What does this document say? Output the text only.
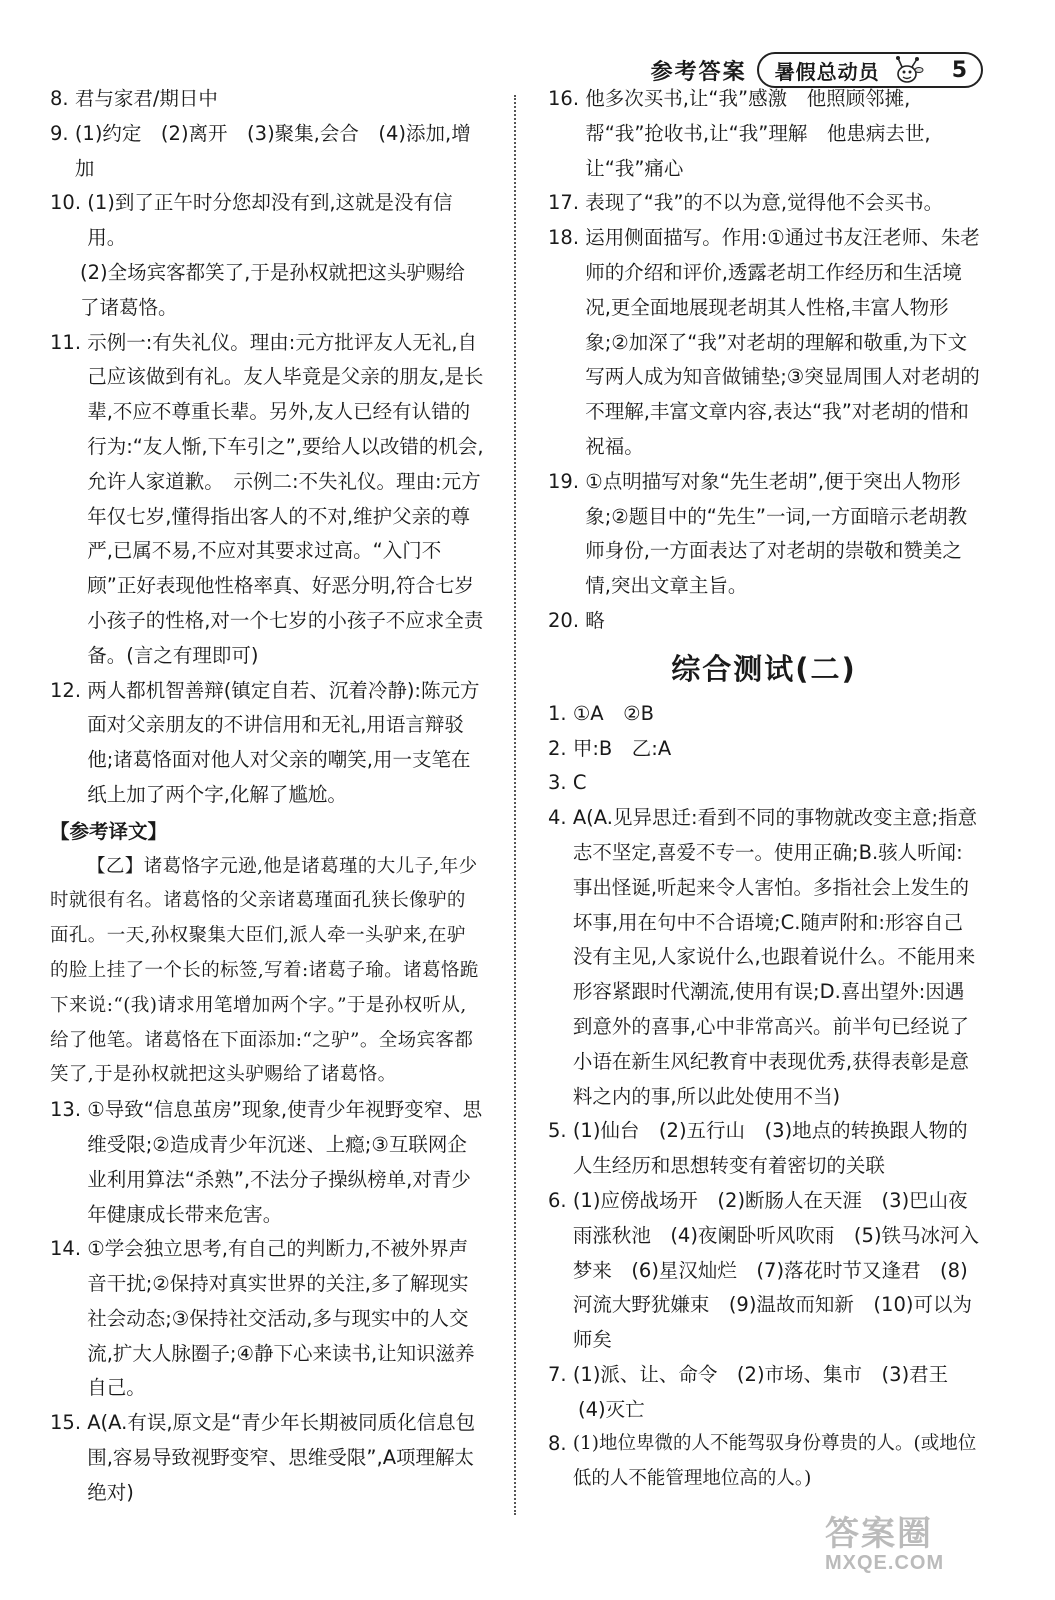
参考答案 暑假总动员	5
8. 君与家君/期日中
9. (1)约定　(2)离开　(3)聚集,会合　(4)添加,增加
10. (1)到了正午时分您却没有到,这就是没有信用。
(2)全场宾客都笑了,于是孙权就把这头驴赐给了诸葛恪。
11. 示例一:有失礼仪。理由:元方批评友人无礼,自己应该做到有礼。友人毕竟是父亲的朋友,是长辈,不应不尊重长辈。另外,友人已经有认错的行为:“友人惭,下车引之”,要给人以改错的机会,允许人家道歉。　示例二:不失礼仪。理由:元方年仅七岁,懂得指出客人的不对,维护父亲的尊严,已属不易,不应对其要求过高。“入门不顾”正好表现他性格率真、好恶分明,符合七岁小孩子的性格,对一个七岁的小孩子不应求全责备。(言之有理即可)
12. 两人都机智善辩(镇定自若、沉着冷静):陈元方面对父亲朋友的不讲信用和无礼,用语言辩驳他;诸葛恪面对他人对父亲的嘲笑,用一支笔在纸上加了两个字,化解了尴尬。
【参考译文】
【乙】诸葛恪字元逊,他是诸葛瑾的大儿子,年少时就很有名。诸葛恪的父亲诸葛瑾面孔狭长像驴的面孔。一天,孙权聚集大臣们,派人牵一头驴来,在驴的脸上挂了一个长的标签,写着:诸葛子瑜。诸葛恪跪下来说:“(我)请求用笔增加两个字。”于是孙权听从,给了他笔。诸葛恪在下面添加:“之驴”。全场宾客都笑了,于是孙权就把这头驴赐给了诸葛恪。
13. ①导致“信息茧房”现象,使青少年视野变窄、思维受限;②造成青少年沉迷、上瘾;③互联网企业利用算法“杀熟”,不法分子操纵榜单,对青少年健康成长带来危害。
14. ①学会独立思考,有自己的判断力,不被外界声音干扰;②保持对真实世界的关注,多了解现实社会动态;③保持社交活动,多与现实中的人交流,扩大人脉圈子;④静下心来读书,让知识滋养自己。
15. A(A.有误,原文是“青少年长期被同质化信息包围,容易导致视野变窄、思维受限”,A项理解太绝对)
16. 他多次买书,让“我”感激　他照顾邻摊,帮“我”抢收书,让“我”理解　他患病去世,让“我”痛心
17. 表现了“我”的不以为意,觉得他不会买书。
18. 运用侧面描写。作用:①通过书友汪老师、朱老师的介绍和评价,透露老胡工作经历和生活境况,更全面地展现老胡其人性格,丰富人物形象;②加深了“我”对老胡的理解和敬重,为下文写两人成为知音做铺垫;③突显周围人对老胡的不理解,丰富文章内容,表达“我”对老胡的惜和祝福。
19. ①点明描写对象“先生老胡”,便于突出人物形象;②题目中的“先生”一词,一方面暗示老胡教师身份,一方面表达了对老胡的崇敬和赞美之情,突出文章主旨。
20. 略
综合测试(二)
1. ①A　②B
2. 甲:B　乙:A
3. C
4. A(A.见异思迁:看到不同的事物就改变主意;指意志不坚定,喜爱不专一。使用正确;B.骇人听闻:事出怪诞,听起来令人害怕。多指社会上发生的坏事,用在句中不合语境;C.随声附和:形容自己没有主见,人家说什么,也跟着说什么。不能用来形容紧跟时代潮流,使用有误;D.喜出望外:因遇到意外的喜事,心中非常高兴。前半句已经说了小语在新生风纪教育中表现优秀,获得表彰是意料之内的事,所以此处使用不当)
5. (1)仙台　(2)五行山　(3)地点的转换跟人物的人生经历和思想转变有着密切的关联
6. (1)应傍战场开　(2)断肠人在天涯　(3)巴山夜雨涨秋池　(4)夜阑卧听风吹雨　(5)铁马冰河入梦来　(6)星汉灿烂　(7)落花时节又逢君　(8)河流大野犹嫌束　(9)温故而知新　(10)可以为师矣
7. (1)派、让、命令　(2)市场、集市　(3)君王
(4)灭亡
8. (1)地位卑微的人不能驾驭身份尊贵的人。(或地位低的人不能管理地位高的人。)
答案圈
MXQE.COM
